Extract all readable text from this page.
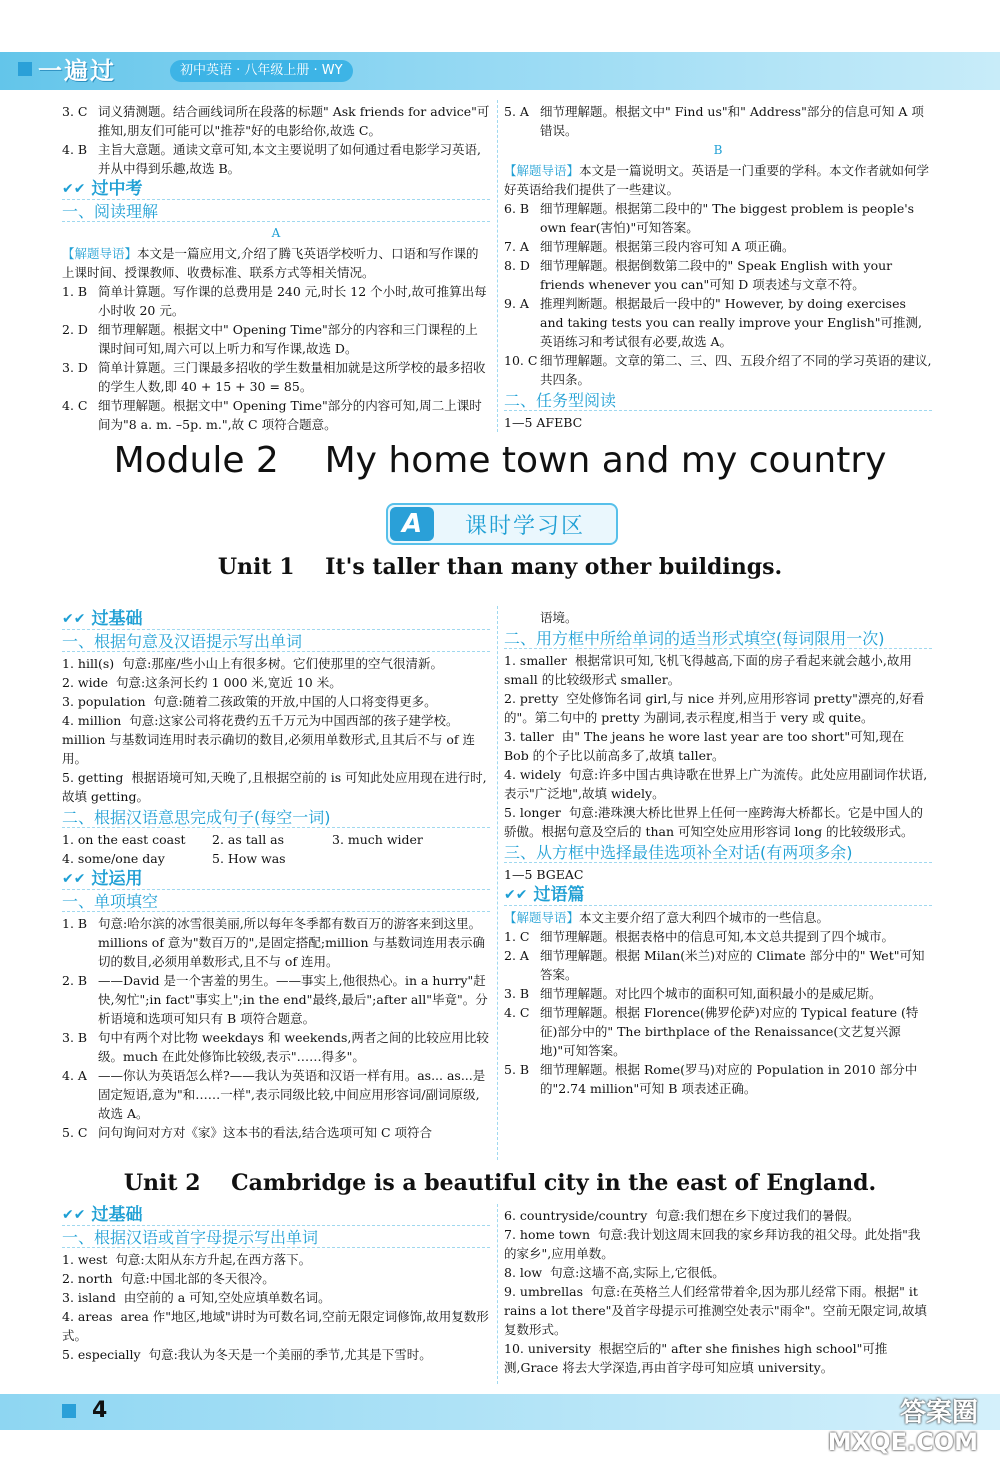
一遍过	初中英语 · 八年级上册 · WY

3. C 词义猜测题。结合画线词所在段落的标题" Ask friends for advice"可推知,朋友们可能可以"推荐"好的电影给你,故选 C。

4. B 主旨大意题。通读文章可知,本文主要说明了如何通过看电影学习英语,并从中得到乐趣,故选 B。

✔✔ 过中考
一、阅读理解
A

【解题导语】本文是一篇应用文,介绍了腾飞英语学校听力、口语和写作课的上课时间、授课教师、收费标准、联系方式等相关情况。

1. B 简单计算题。写作课的总费用是 240 元,时长 12 个小时,故可推算出每小时收 20 元。

2. D 细节理解题。根据文中" Opening Time"部分的内容和三门课程的上课时间可知,周六可以上听力和写作课,故选 D。

3. D 简单计算题。三门课最多招收的学生数量相加就是这所学校的最多招收的学生人数,即 40 + 15 + 30 = 85。

4. C 细节理解题。根据文中" Opening Time"部分的内容可知,周二上课时间为"8 a. m. –5p. m.",故 C 项符合题意。

5. A 细节理解题。根据文中" Find us"和" Address"部分的信息可知 A 项错误。

B

【解题导语】本文是一篇说明文。英语是一门重要的学科。本文作者就如何学好英语给我们提供了一些建议。

6. B 细节理解题。根据第二段中的" The biggest problem is people's own fear(害怕)"可知答案。

7. A 细节理解题。根据第三段内容可知 A 项正确。

8. D 细节理解题。根据倒数第二段中的" Speak English with your friends whenever you can"可知 D 项表述与文章不符。

9. A 推理判断题。根据最后一段中的" However, by doing exercises and taking tests you can really improve your English"可推测,英语练习和考试很有必要,故选 A。

10. C 细节理解题。文章的第二、三、四、五段介绍了不同的学习英语的建议,共四条。

二、任务型阅读

1—5 AFEBC

Module 2    My home town and my country
A	课时学习区
Unit 1    It's taller than many other buildings.
✔✔ 过基础
一、根据句意及汉语提示写出单词

1. hill(s) 句意:那座/些小山上有很多树。它们使那里的空气很清新。

2. wide 句意:这条河长约 1 000 米,宽近 10 米。

3. population 句意:随着二孩政策的开放,中国的人口将变得更多。

4. million 句意:这家公司将花费约五千万元为中国西部的孩子建学校。million 与基数词连用时表示确切的数目,必须用单数形式,且其后不与 of 连用。

5. getting 根据语境可知,天晚了,且根据空前的 is 可知此处应用现在进行时,故填 getting。

二、根据汉语意思完成句子(每空一词)

1. on the east coast 2. as tall as	3. much wider

4. some/one day	5. How was

✔✔ 过运用
一、单项填空

1. B 句意:哈尔滨的冰雪很美丽,所以每年冬季都有数百万的游客来到这里。millions of 意为"数百万的",是固定搭配;million 与基数词连用表示确切的数目,必须用单数形式,且不与 of 连用。

2. B ——David 是一个害羞的男生。——事实上,他很热心。in a hurry"赶快,匆忙";in fact"事实上";in the end"最终,最后";after all"毕竟"。分析语境和选项可知只有 B 项符合题意。

3. B 句中有两个对比物 weekdays 和 weekends,两者之间的比较应用比较级。much 在此处修饰比较级,表示"……得多"。

4. A ——你认为英语怎么样?——我认为英语和汉语一样有用。as... as...是固定短语,意为"和……一样",表示同级比较,中间应用形容词/副词原级,故选 A。

5. C 问句询问对方对《家》这本书的看法,结合选项可知 C 项符合

语境。

二、用方框中所给单词的适当形式填空(每词限用一次)

1. smaller 根据常识可知,飞机飞得越高,下面的房子看起来就会越小,故用 small 的比较级形式 smaller。

2. pretty 空处修饰名词 girl,与 nice 并列,应用形容词 pretty"漂亮的,好看的"。第二句中的 pretty 为副词,表示程度,相当于 very 或 quite。

3. taller 由" The jeans he wore last year are too short"可知,现在 Bob 的个子比以前高多了,故填 taller。

4. widely 句意:许多中国古典诗歌在世界上广为流传。此处应用副词作状语,表示"广泛地",故填 widely。

5. longer 句意:港珠澳大桥比世界上任何一座跨海大桥都长。它是中国人的骄傲。根据句意及空后的 than 可知空处应用形容词 long 的比较级形式。

三、从方框中选择最佳选项补全对话(有两项多余)

1—5 BGEAC

✔✔ 过语篇

【解题导语】本文主要介绍了意大利四个城市的一些信息。

1. C 细节理解题。根据表格中的信息可知,本文总共提到了四个城市。

2. A 细节理解题。根据 Milan(米兰)对应的 Climate 部分中的" Wet"可知答案。

3. B 细节理解题。对比四个城市的面积可知,面积最小的是威尼斯。

4. C 细节理解题。根据 Florence(佛罗伦萨)对应的 Typical feature (特征)部分中的" The birthplace of the Renaissance(文艺复兴源地)"可知答案。

5. B 细节理解题。根据 Rome(罗马)对应的 Population in 2010 部分中的"2.74 million"可知 B 项表述正确。

Unit 2    Cambridge is a beautiful city in the east of England.
✔✔ 过基础
一、根据汉语或首字母提示写出单词

1. west 句意:太阳从东方升起,在西方落下。

2. north 句意:中国北部的冬天很冷。

3. island 由空前的 a 可知,空处应填单数名词。

4. areas area 作"地区,地域"讲时为可数名词,空前无限定词修饰,故用复数形式。

5. especially 句意:我认为冬天是一个美丽的季节,尤其是下雪时。

6. countryside/country 句意:我们想在乡下度过我们的暑假。

7. home town 句意:我计划这周末回我的家乡拜访我的祖父母。此处指"我的家乡",应用单数。

8. low 句意:这墙不高,实际上,它很低。

9. umbrellas 句意:在英格兰人们经常带着伞,因为那儿经常下雨。根据" it rains a lot there"及首字母提示可推测空处表示"雨伞"。空前无限定词,故填复数形式。

10. university 根据空后的" after she finishes high school"可推测,Grace 将去大学深造,再由首字母可知应填 university。

4	答案圈
MXQE.COM
